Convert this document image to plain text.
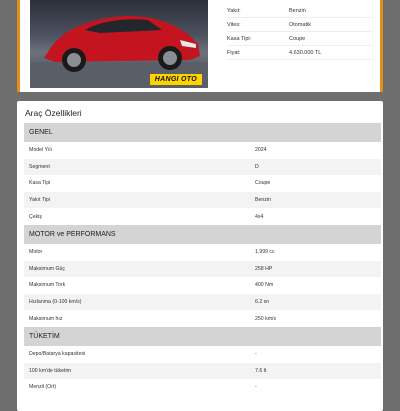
HANGI OTO
Yakıt:	Benzin
Vites:	Otomatik
Kasa Tipi:	Coupe
Fiyat:	4.630.000 TL
Araç Özellikleri
GENEL
Model Yılı	2024
Segment	D
Kasa Tipi	Coupe
Yakıt Tipi	Benzin
Çekiş	4x4
MOTOR ve PERFORMANS
Motor	1.999 cc
Maksimum Güç	258 HP
Maksimum Tork	400 Nm
Hızlanma (0-100 km/s)	6.2 sn
Maksimum hız	250 km/s
TÜKETİM
Depo/Batarya kapasitesi	-
100 km'de tüketim	7.6 lt
Menzil (Ort)	-
